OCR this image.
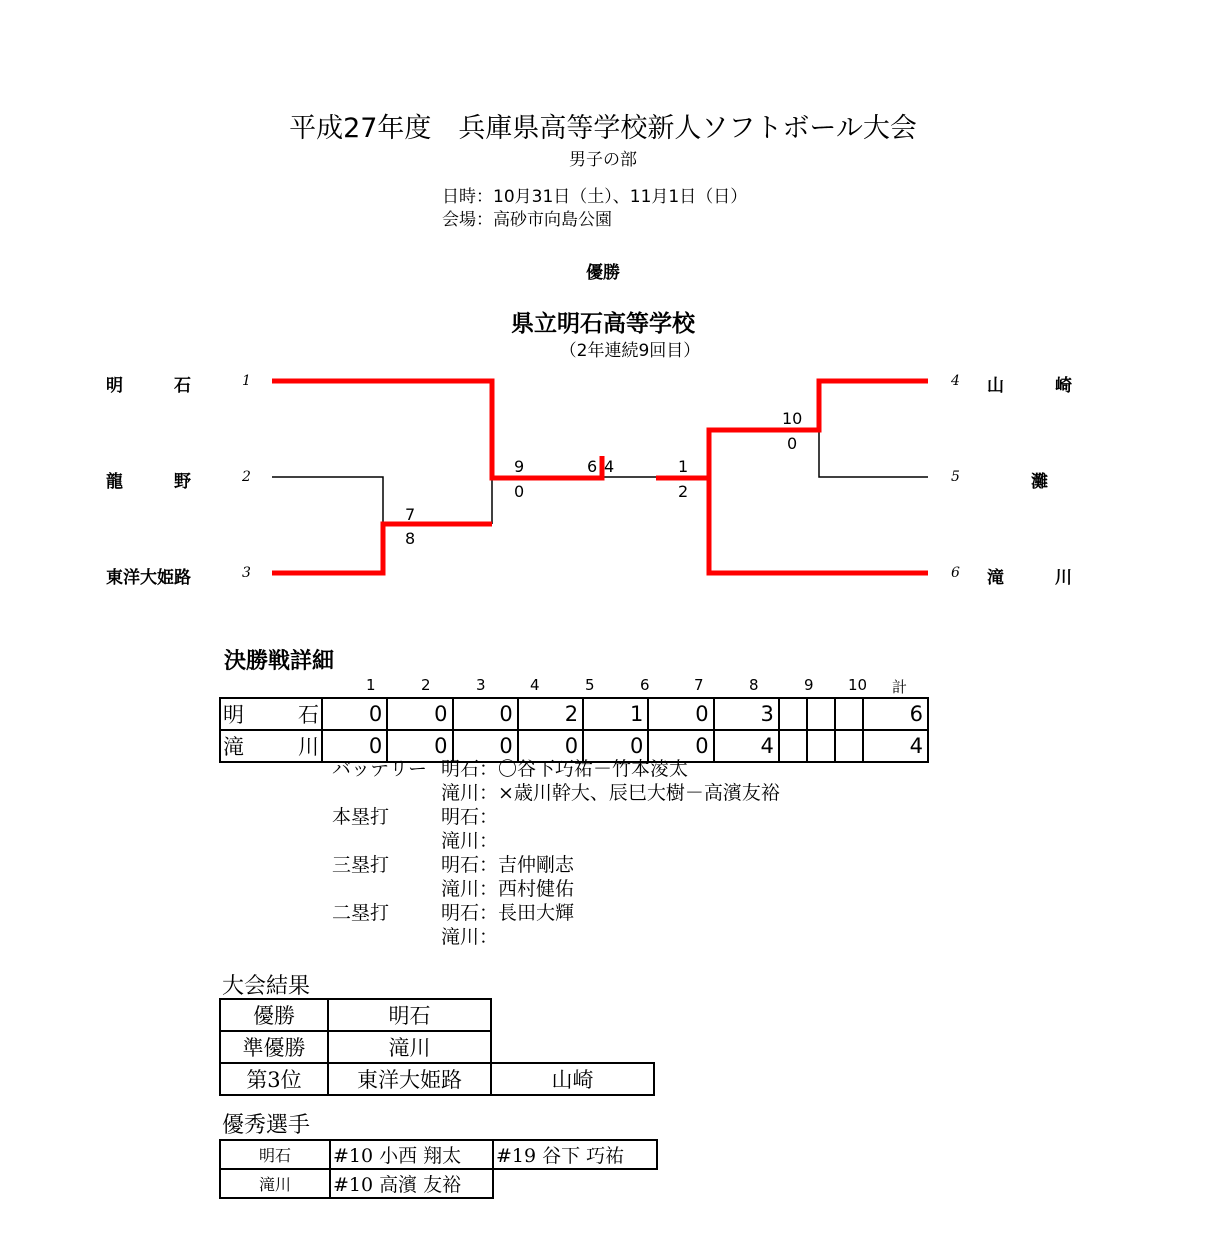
平成27年度　兵庫県高等学校新人ソフトボール大会
男子の部
日時：10月31日（土）、11月1日（日）
会場：高砂市向島公園
優勝
県立明石高等学校
（2年連続9回目）
明　　　石	1
龍　　　野	2
東洋大姫路	3
4 山　　　崎
5	灘
6 滝　　　川
7
8
9
0
6 4
10
0
1
2
決勝戦詳細
1	2	3	4	5	6	7	8	9 10 計
明 石	0	0	0	2	1	0	3				6

滝 川	0	0	0	0	0	0	4				4
バッテリー 明石：〇谷下巧祐－竹本淩太
滝川：×歳川幹大、辰巳大樹－高濱友裕
本塁打	明石：
滝川：
三塁打	明石：吉仲剛志
滝川：西村健佑
二塁打	明石：長田大輝
滝川：
大会結果
優勝	明石	
準優勝	滝川	
第3位	東洋大姫路	山崎
優秀選手
明石	#10 小西 翔太	#19 谷下 巧祐
滝川	#10 高濱 友裕	
